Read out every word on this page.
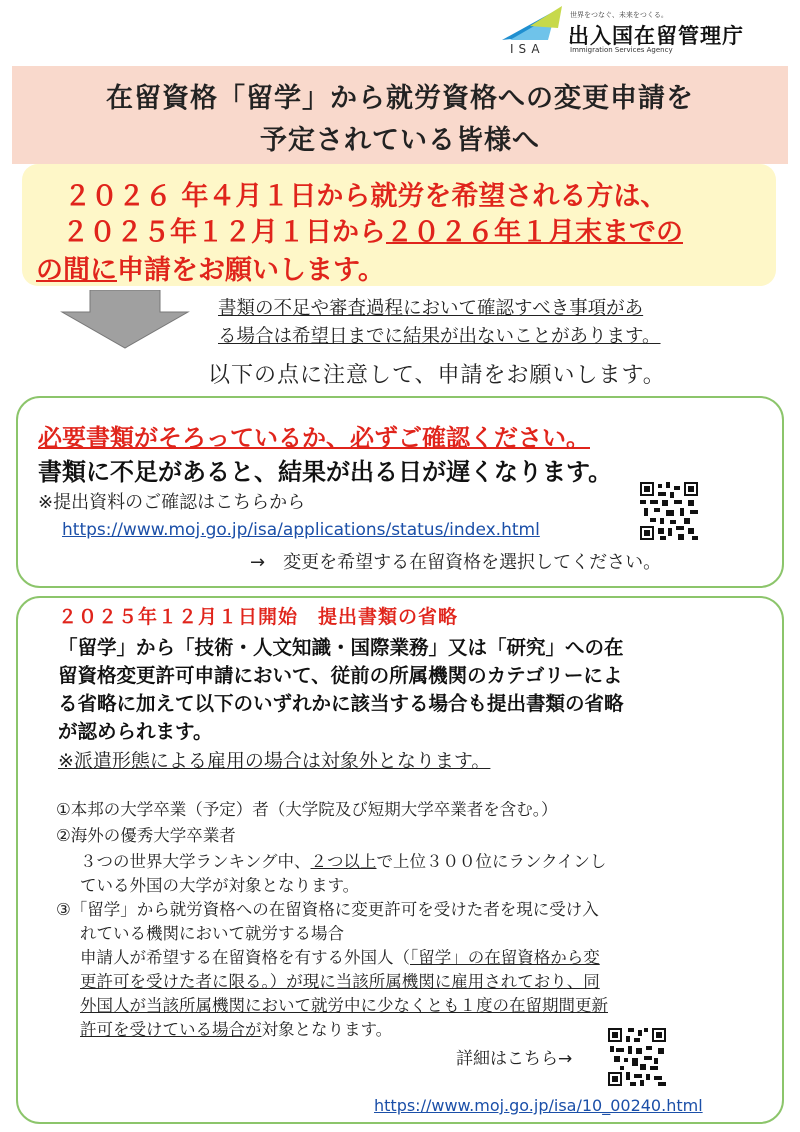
ISA
世界をつなぐ、未来をつくる。
出入国在留管理庁
Immigration Services Agency
在留資格「留学」から就労資格への変更申請を
予定されている皆様へ
２０２６ 年４月１日から就労を希望される方は、
２０２５年１２月１日から２０２６年１月末までの
の間に申請をお願いします。
書類の不足や審査過程において確認すべき事項があ
る場合は希望日までに結果が出ないことがあります。
以下の点に注意して、申請をお願いします。
必要書類がそろっているか、必ずご確認ください。
書類に不足があると、結果が出る日が遅くなります。
※提出資料のご確認はこちらから
https://www.moj.go.jp/isa/applications/status/index.html
→　変更を希望する在留資格を選択してください。
２０２５年１２月１日開始　提出書類の省略
「留学」から「技術・人文知識・国際業務」又は「研究」への在
留資格変更許可申請において、従前の所属機関のカテゴリーによ
る省略に加えて以下のいずれかに該当する場合も提出書類の省略
が認められます。
※派遣形態による雇用の場合は対象外となります。
①本邦の大学卒業（予定）者（大学院及び短期大学卒業者を含む。）
②海外の優秀大学卒業者
３つの世界大学ランキング中、２つ以上で上位３００位にランクインし
ている外国の大学が対象となります。
③「留学」から就労資格への在留資格に変更許可を受けた者を現に受け入
れている機関において就労する場合
申請人が希望する在留資格を有する外国人（「留学」の在留資格から変
更許可を受けた者に限る。）が現に当該所属機関に雇用されており、同
外国人が当該所属機関において就労中に少なくとも１度の在留期間更新
許可を受けている場合が対象となります。
詳細はこちら→
https://www.moj.go.jp/isa/10_00240.html
